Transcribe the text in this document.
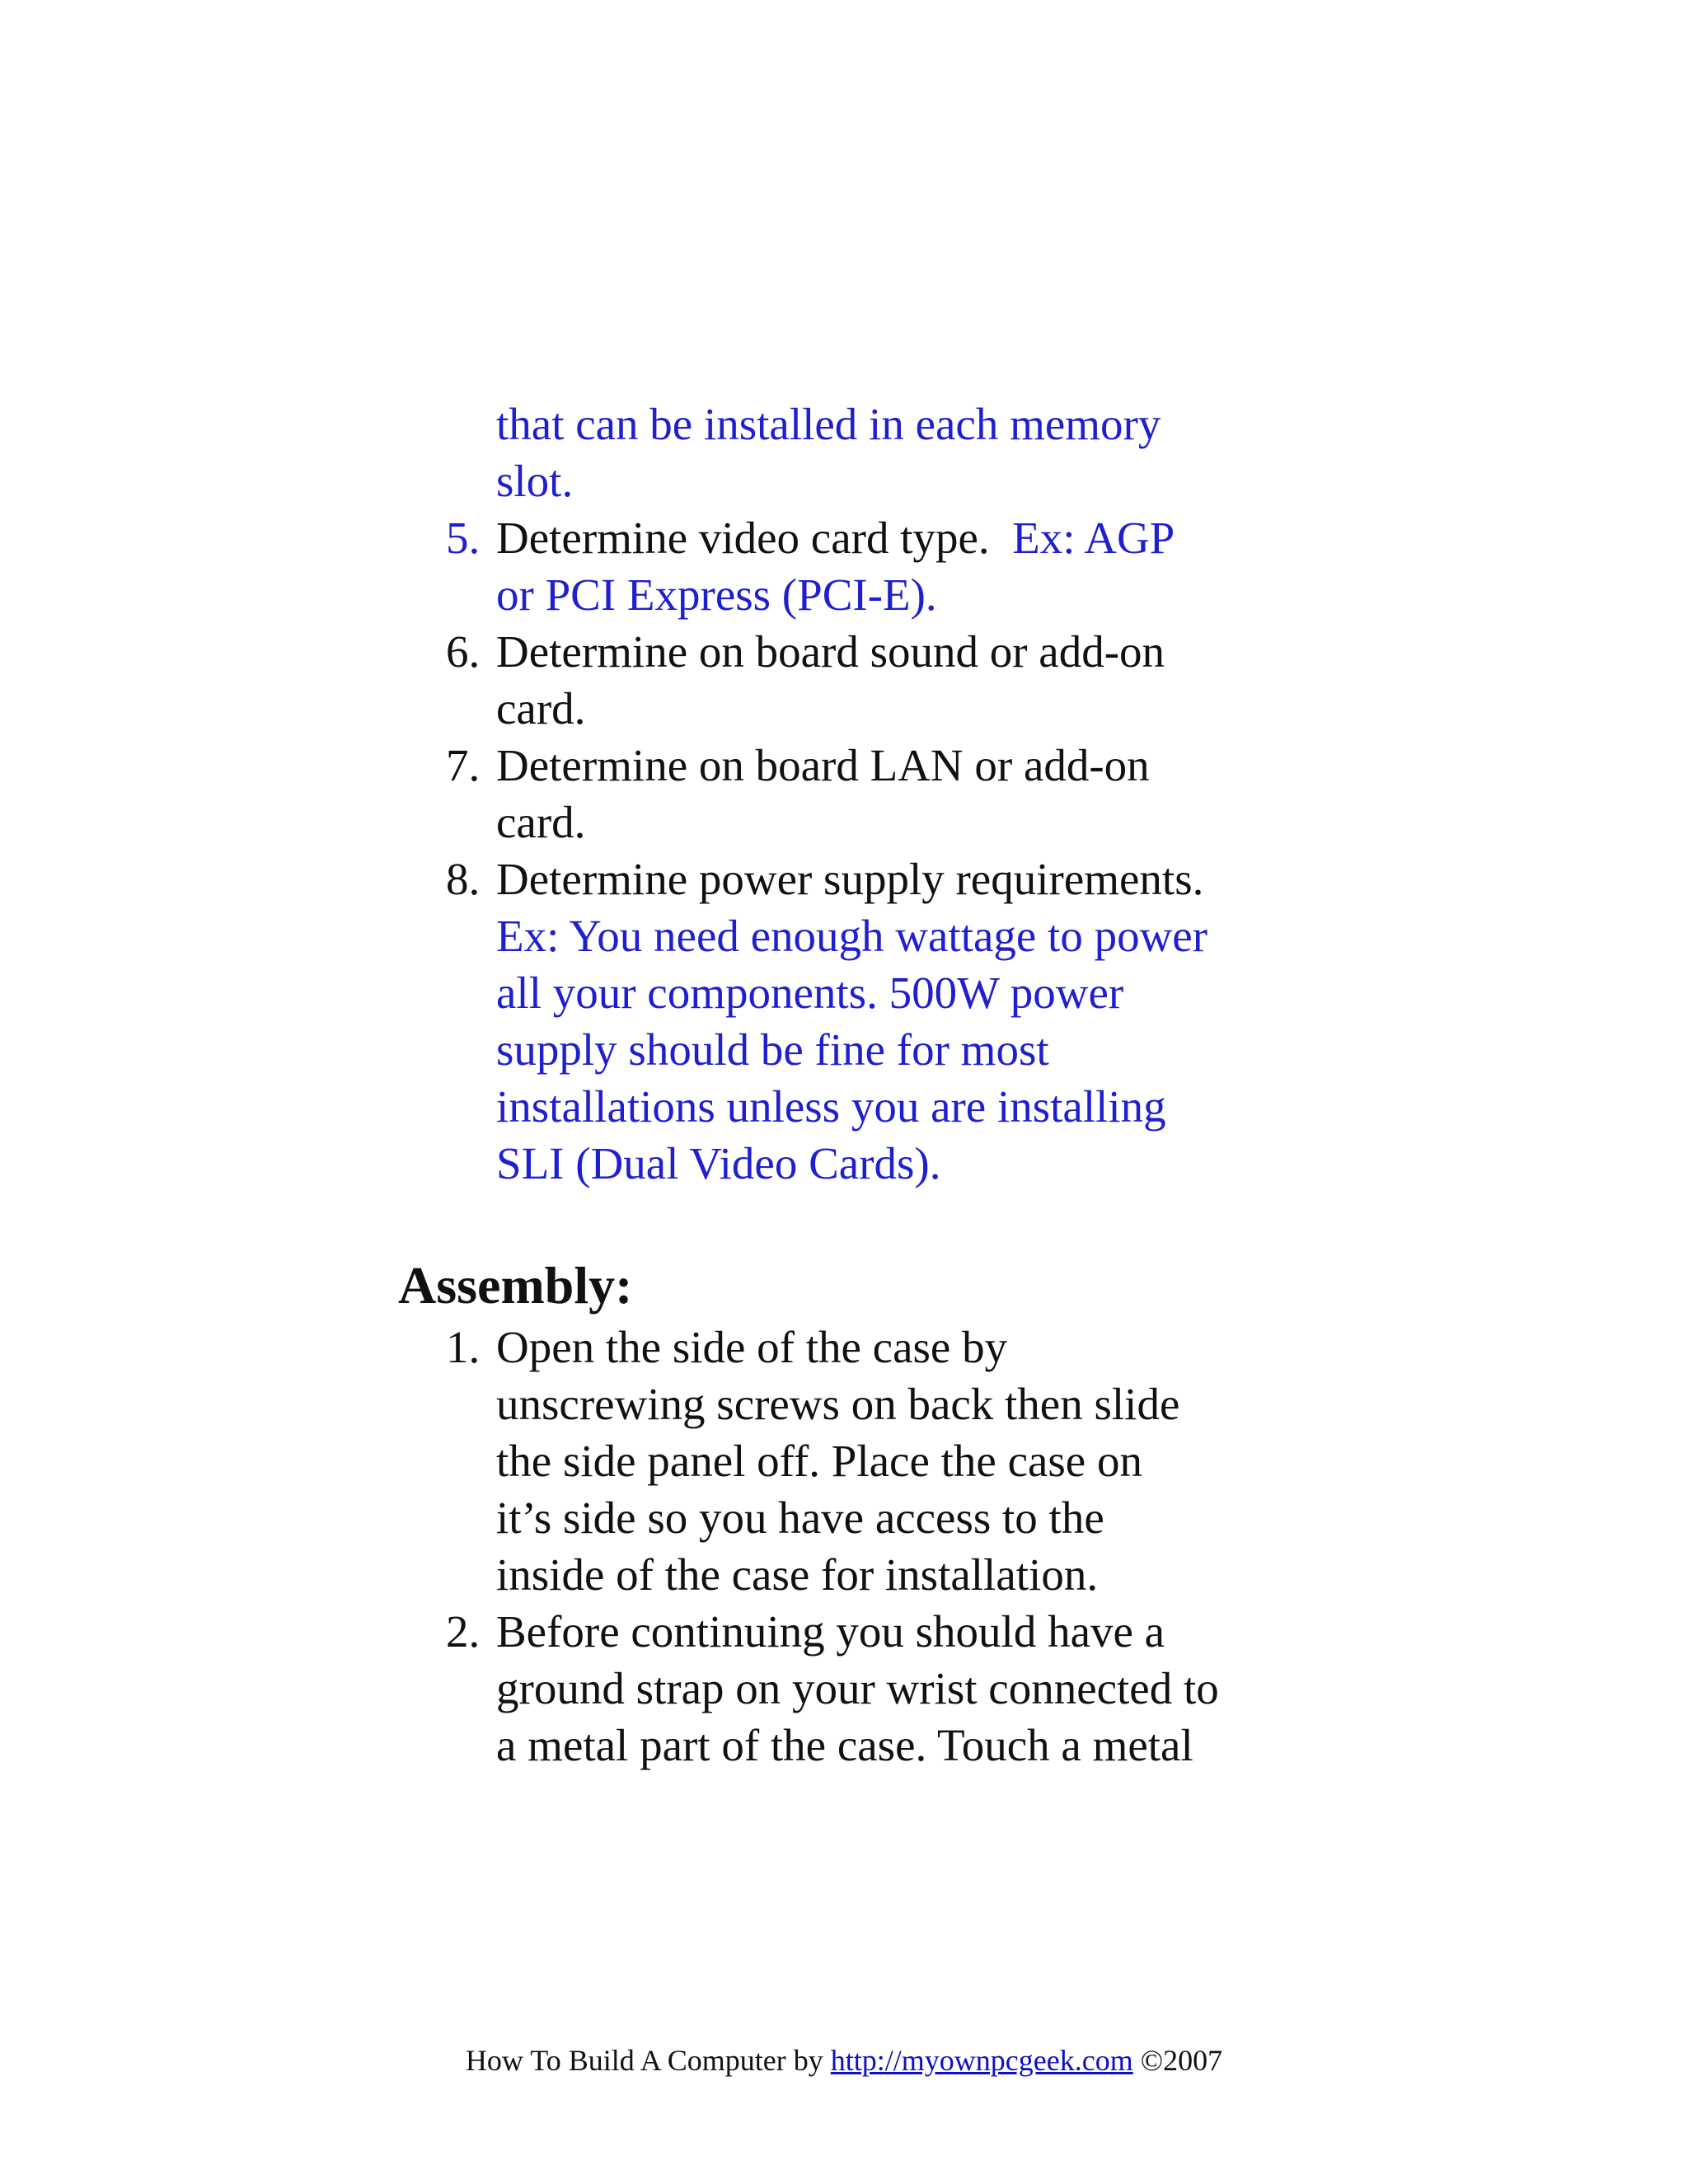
that can be installed in each memory
slot.
5. Determine video card type. Ex: AGP
or PCI Express (PCI-E).
6. Determine on board sound or add-on
card.
7. Determine on board LAN or add-on
card.
8. Determine power supply requirements.
Ex: You need enough wattage to power
all your components. 500W power
supply should be fine for most
installations unless you are installing
SLI (Dual Video Cards).
Assembly:
1. Open the side of the case by
unscrewing screws on back then slide
the side panel off. Place the case on
it’s side so you have access to the
inside of the case for installation.
2. Before continuing you should have a
ground strap on your wrist connected to
a metal part of the case. Touch a metal
How To Build A Computer by http://myownpcgeek.com ©2007
